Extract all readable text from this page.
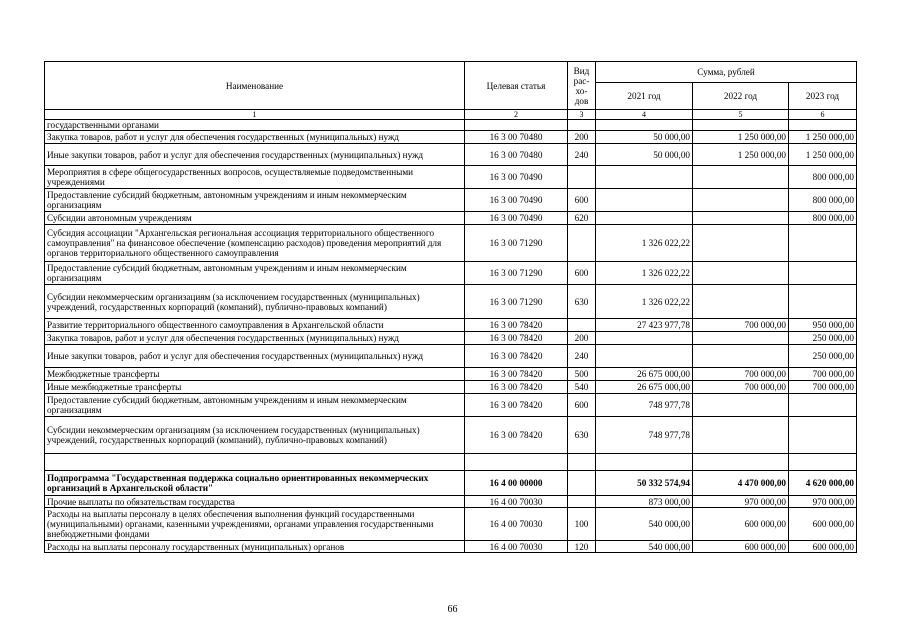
Наименование	Целевая статья	Вид
рас-
хо-
дов	Сумма, рублей		
			2021 год	2022 год	2023 год
1	2	3	4	5	6
государственными органами					
Закупка товаров, работ и услуг для обеспечения государственных (муниципальных) нужд	16 3 00 70480	200	50 000,00	1 250 000,00	1 250 000,00
Иные закупки товаров, работ и услуг для обеспечения государственных (муниципальных) нужд	16 3 00 70480	240	50 000,00	1 250 000,00	1 250 000,00
Мероприятия в сфере общегосударственных вопросов, осуществляемые подведомственными учреждениями	16 3 00 70490				800 000,00
Предоставление субсидий бюджетным, автономным учреждениям и иным некоммерческим организациям	16 3 00 70490	600			800 000,00
Субсидии автономным учреждениям	16 3 00 70490	620			800 000,00
Субсидия ассоциации "Архангельская региональная ассоциация территориального общественного самоуправления" на финансовое обеспечение (компенсацию расходов) проведения мероприятий для органов территориального общественного самоуправления	16 3 00 71290		1 326 022,22		
Предоставление субсидий бюджетным, автономным учреждениям и иным некоммерческим организациям	16 3 00 71290	600	1 326 022,22		
Субсидии некоммерческим организациям (за исключением государственных (муниципальных) учреждений, государственных корпораций (компаний), публично-правовых компаний)	16 3 00 71290	630	1 326 022,22		
Развитие территориального общественного самоуправления в Архангельской области	16 3 00 78420		27 423 977,78	700 000,00	950 000,00
Закупка товаров, работ и услуг для обеспечения государственных (муниципальных) нужд	16 3 00 78420	200			250 000,00
Иные закупки товаров, работ и услуг для обеспечения государственных (муниципальных) нужд	16 3 00 78420	240			250 000,00
Межбюджетные трансферты	16 3 00 78420	500	26 675 000,00	700 000,00	700 000,00
Иные межбюджетные трансферты	16 3 00 78420	540	26 675 000,00	700 000,00	700 000,00
Предоставление субсидий бюджетным, автономным учреждениям и иным некоммерческим организациям	16 3 00 78420	600	748 977,78		
Субсидии некоммерческим организациям (за исключением государственных (муниципальных) учреждений, государственных корпораций (компаний), публично-правовых компаний)	16 3 00 78420	630	748 977,78		

Подпрограмма "Государственная поддержка социально ориентированных некоммерческих организаций в Архангельской области"	16 4 00 00000		50 332 574,94	4 470 000,00	4 620 000,00
Прочие выплаты по обязательствам государства	16 4 00 70030		873 000,00	970 000,00	970 000,00
Расходы на выплаты персоналу в целях обеспечения выполнения функций государственными (муниципальными) органами, казенными учреждениями, органами управления государственными внебюджетными фондами	16 4 00 70030	100	540 000,00	600 000,00	600 000,00
Расходы на выплаты персоналу государственных (муниципальных) органов	16 4 00 70030	120	540 000,00	600 000,00	600 000,00
66
